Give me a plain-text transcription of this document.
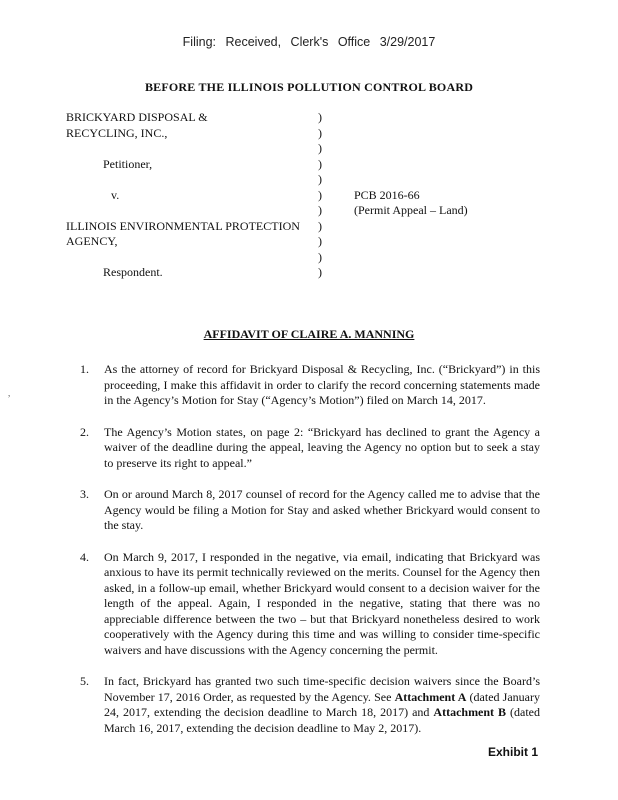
Filing: Received, Clerk's Office 3/29/2017
BEFORE THE ILLINOIS POLLUTION CONTROL BOARD
BRICKYARD DISPOSAL &
RECYCLING, INC.,
Petitioner,
v.
ILLINOIS ENVIRONMENTAL PROTECTION
AGENCY,
Respondent.
)
)
)
)
)
)
)
)
)
)
)
PCB 2016-66
(Permit Appeal – Land)
AFFIDAVIT OF CLAIRE A. MANNING
,
1. As the attorney of record for Brickyard Disposal & Recycling, Inc. (“Brickyard”) in this proceeding, I make this affidavit in order to clarify the record concerning statements made in the Agency’s Motion for Stay (“Agency’s Motion”) filed on March 14, 2017.
2. The Agency’s Motion states, on page 2: “Brickyard has declined to grant the Agency a waiver of the deadline during the appeal, leaving the Agency no option but to seek a stay to preserve its right to appeal.”
3. On or around March 8, 2017 counsel of record for the Agency called me to advise that the Agency would be filing a Motion for Stay and asked whether Brickyard would consent to the stay.
4. On March 9, 2017, I responded in the negative, via email, indicating that Brickyard was anxious to have its permit technically reviewed on the merits. Counsel for the Agency then asked, in a follow-up email, whether Brickyard would consent to a decision waiver for the length of the appeal. Again, I responded in the negative, stating that there was no appreciable difference between the two – but that Brickyard nonetheless desired to work cooperatively with the Agency during this time and was willing to consider time-specific waivers and have discussions with the Agency concerning the permit.
5. In fact, Brickyard has granted two such time-specific decision waivers since the Board’s November 17, 2016 Order, as requested by the Agency. See Attachment A (dated January 24, 2017, extending the decision deadline to March 18, 2017) and Attachment B (dated March 16, 2017, extending the decision deadline to May 2, 2017).
Exhibit 1
